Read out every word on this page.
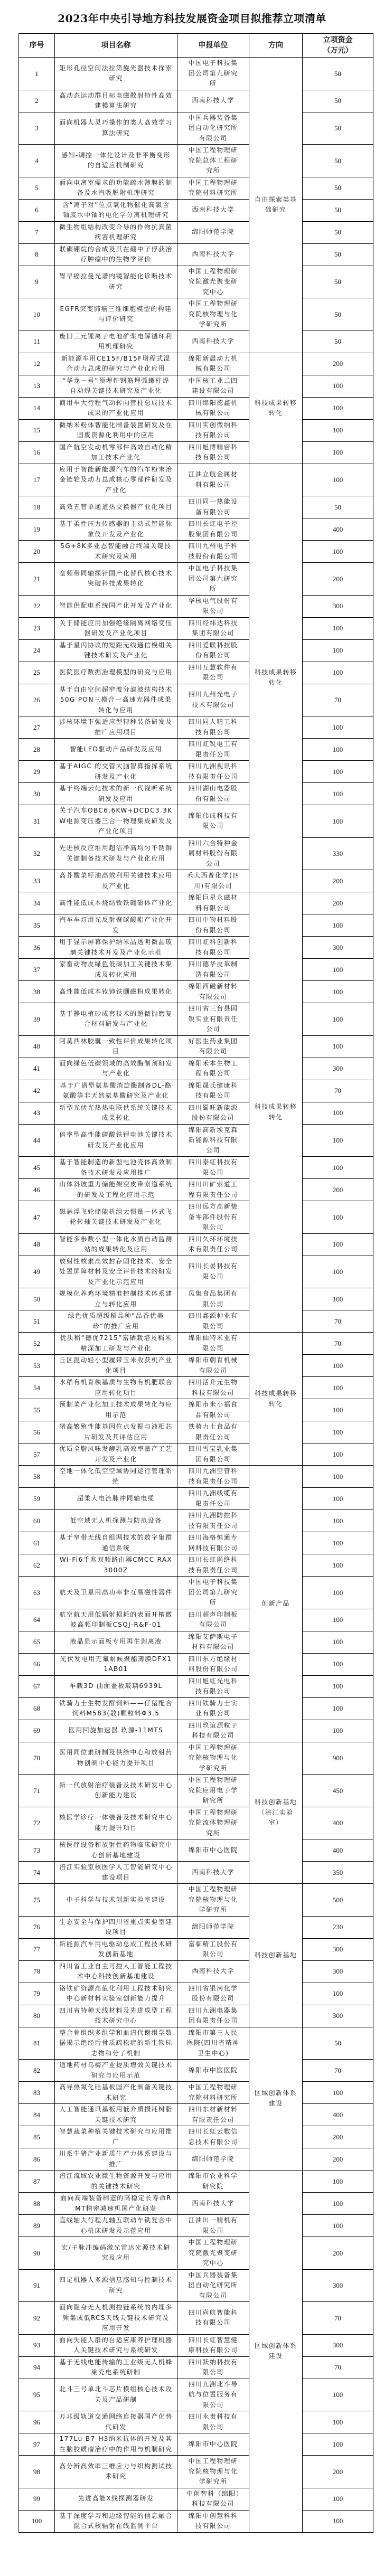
2023年中央引导地方科技发展资金项目拟推荐立项清单
序号	项目名称	申报单位	方向	立项资金
（万元）

1	矩形孔径空间法拉第旋光器技术探索研究	中国电子科技集团公司第九研究所	自由探索类基础研究	50
2	高动态运动群目标电磁散射特性高效建模算法研究	西南科技大学		50
3	面向机器人灵巧操作的类人高效学习算法研究	中国兵器装备集团自动化研究所有限公司		50
4	感知-调控一体化设计及非平衡变形的自适应机制研究	中国工程物理研究院总体工程研究所		50
5	面向电离室需求的功能疏水薄膜的制备及水汽吸脱附机理研究	中国工程物理研究院材料研究所		50
6	含“离子对”位点氧化物催化高氯含铀废水中铀的电化学分离机理研究	西南科技大学		50
7	微生物组结构改变介导的作物抗真菌病害机理研究	绵阳师范学院		50
8	联碳硼烷的合成及其在硼中子俘获治疗肿瘤中的生物学评价	西南科技大学		50
9	胃早癌拉曼光谱内镜智能化诊断技术研究	中国工程物理研究院激光聚变研究中心		50
10	EGFR突变肺癌三维细胞模型的构建与评价研究	中国工程物理研究院核物理与化学研究所		50
11	废旧三元锂离子电池矿浆电解循环利用机理研究	西南科技大学		50
12	新能源车用CE15F/B15F增程式混合动力总成的研究与产业化应用	绵阳新晨动力机械有限公司	科技成果转移转化	200
13	“华龙一号”预埋件钢筋埋弧螺柱焊自动焊关键技术研究及产业化	中国核工业二四建设有限公司		100
14	商用车大行程气动转向管柱总成技术成果的产业化应用	四川绵阳德鑫机械有限公司		100
15	微纳米粉体智能化制备装置研发及在固废资源化利用中的应用	四川实创微纳科技有限公司		100
16	国产航空发动机零部件高效自动化精加工技术产业化	四川旭博精密科技有限公司		100
17	应用于智能新能源汽车的汽车粉末冶金链轮及动力总成核心零部件研发及产业化	江油立航金属材料有限公司	科技成果转移转化	100
18	高效五管单通道热交换器产业化项目	四川同一热能设备有限公司		50
19	基于柔性压力传感器的主动式智能脉象仪开发及产业化	四川长虹电子控股集团有限公司		400
20	5G+8K多业态智能融合终端关键技术研究及应用	四川九州电子科技股份有限公司		100
21	宽频带同轴探针国产化替代核心技术突破科技成果转化	中国电子科技集团公司第九研究所		200
22	智能供配电系统国产化开发及产业化	华核电气股份有限公司		300
23	关于储能应用加强绝缘隔离网络变压器研发及产业化项目	四川经纬达科技集团有限公司		100
24	基于星闪协议的短距无线通信模组关键技术研发及产业化	四川爱联科技股份有限公司		100
25	医院医疗数据治理模型的研究与应用	四川互慧软件有限公司		100
26	基于自由空间超窄波分滤波结构技术50G PON三模合一高速光器件成果转化与应用	四川九州光电子技术有限公司		70
27	涉核环境下强适应型特种装备研发及推广应用项目	四川同人精工科技有限公司		100
28	智能LED驱动产品研发及应用	四川虹锐电工有限责任公司		100
29	基于AIGC 的交管大脑智算指挥系统研发及产业化	四川九洲视讯科技有限责任公司		100
30	基于终端云化技术的新一代视听系统研发及应用	四川湖山电器股份有限公司		100
31	关于汽车OBC6.6KW+DCDC3.3KW电源变压器三合一物理集成研发及产业化项目	绵阳伟成科技有限公司		100
32	先进核反应堆用超洁净高均匀不锈钢关键制备技术研发与产业化应用	四川六合特种金属材料股份有限公司		330
33	高芥酸菜籽油高效利用关键技术应用及产业化	禾大西普化学(四川)有限公司		200
34	高性能低成本烧结钕铁硼磁体产业化	绵阳巨星永磁材料有限公司	科技成果转移转化	200
35	汽车车灯用光反射聚碳酸酯产业化开发	四川中物材料股份有限公司		100
36	用于显示屏幕保护纳米晶透明微晶玻璃关键技术开发及产业化示范	四川虹科创新科技有限公司		300
37	家畜动物皮绿色低碳加工关键技术集成及转化应用	四川德华皮革制造有限公司		100
38	高性能低成本钕铈铁硼磁粉成果转化	绵阳西磁新材料有限公司		100
39	基于静电植砂成套技术的超微抛磨复合材料研发与产业化	四川省三台县固锐实业有限责任公司		100
40	阿莫西林胶囊一致性评价成果转化项目	好医生药业集团有限公司		100
41	面向绿色低碳领域的高效酶制剂研发与产业化	绵阳禾本生物工程有限公司		300
42	基于广谱型氨基酸消旋酶制备DL-酪氨酸等非天然氨基酸研究及产业化	绵阳晟氏健康科技有限公司		70
43	新型光伏光热热电联供系统关键技术成果转化	四川蜀旺新能源股份有限公司		100
44	倍率型高性能磷酸铁锂电池关键技术研发及产业化应用	绵阳高新埃克森新能源科技有限公司		100
45	基于智能制造的新型电池壳体高效制备技术研发及应用推广	四川泰虹科技有限公司		100
46	山体斜坡重力储能架空皮带索道系统的研发及工程化应用示范	四川川矿索道工程有限责任公司		200
47	磁悬浮飞轮储能机组大惯量一体式飞轮转轴关键技术研发及产业化	四川远方高新装备零部件股份有限公司		100
48	智能多参数小型一体化水质自动监测站的成果转化及应用	四川久环环境技术有限责任公司		100
49	放射性核素高效封存固化技术、安全处置屏障材料及安全评价技术的研发及产业化示范应用	四川长晏科技有限公司		100
50	规模化养鸡环境精准控制技术体系建立与转化应用	凤集食品集团有限公司		100
51	绿色优质超级稻品种“品香优美珍”的推广应用	四川鑫源种业有限公司		70
52	优质稻“德优7215”富硒栽培及稻米精深加工研发与产业化	绵阳仙特米业有限公司	科技成果转移转化	70
53	丘区混动轻小型履带玉米收获机产业化项目	绵阳市朝育机械有限公司		100
54	水稻有机育秧基质与生物有机肥联合应用转化项目	四川活升元生物科技有限公司		100
55	预制菜产业化加工技术成果转化与应用示范	绵阳市米小福食品有限公司		100
56	猪高繁殖性能基因位点发掘与液相芯片研发及其评估应用	铁骑力士食品有限责任公司		100
57	优质全脂风味发酵乳高效率量产工艺开发及产业化	四川雪宝乳业集团有限公司		100
58	空地一体化低空空域协同运行管理系统	四川九洲空管科技有限责任公司	创新产品	100
59	超柔大电流脉冲同轴电缆	四川九洲线缆有限责任公司		100
60	低空域无人机探测与防范设备	四川九洲防控科技有限责任公司		100
61	基于窄带无线自组网技术的数字集群通信系统	四川海格恒通专网科技有限公司		100
62	Wi-Fi6千兆双频路由器CMCC RAX3000Z	四川长虹网络科技有限责任公司		100
63	航天及卫星用高功率非互易磁性器件	中国电子科技集团公司第九研究所		100
64	航空航天用低辐射损耗的表面开槽微波高频印制板CSQJ-R&F-01	四川超声印制板有限公司		100
65	液晶显示面板专用再生剥离液	绵阳艾萨斯电子材料有限公司		100
66	光伏发电用无氟耐候聚酯薄膜DFX11AB01	四川东方绝缘材料股份有限公司		100
67	车载3D 曲面盖板玻璃6939L	四川旭虹光电科技有限公司		100
68	铁骑力士生物发酵饲料——仔猪配合饲料M583(散)颗粒料Φ3.5	四川铁骑力士实业有限公司		100
69	医用回旋加速器 玖源-11MTS	四川玖谊源粒子科技有限公司		100
70	医用同位素研制及供给中心和放射药物创制中心能力提升项目	中国工程物理研究院核物理与化学研究所	科技创新基地（涪江实验室）	900
71	新一代放射治疗装备及技术研发中心创新能力建设	中国工程物理研究院应用电子学研究所		450
72	核医学诊疗一体装备及技术研究中心能力提升项目	中国工程物理研究院流体物理研究所		400
73	核医疗设备和放射性药物临床研究中心创新基地建设	绵阳市中心医院		400
74	涪江实验室核医学人工智能研究中心建设项目	西南科技大学		350
75	中子科学与技术创新实验室建设	中国工程物理研究院核物理与化学研究所	科技创新基地	500
76	生态安全与保护四川省重点实验室建设项目	绵阳师范学院		230
77	新能源汽车用电驱动总成工程技术研发创新基地	富临精工股份有限公司		300
78	四川省工业自主可控人工智能工程技术中心科技创新基地建设	西南科技大学		300
79	铬铁矿资源高值化利用工程技术研究中心新材料实验室创新能力提升	四川省银河化学股份有限公司		100
80	四川省特种天线材料及先进成型工程技术研究中心	四川九洲电器集团有限责任公司		300
81	整合骨组织多组学和血清代谢组学数据揭示绝经后骨质疏松症的新生物标志物和分子机制	绵阳市第三人民医院(四川省精神卫生中心)	区域创新体系建设	50
82	道地药材乌梅产业提质增效关键技术研究与应用示范	绵阳市中医医院		70
83	高导热氮化硅基板国产化制备关键技术研究	中国工程物理研究院材料研究所		100
84	人工智能通讯基板用低介质损耗树脂关键技术研究	四川东材新材料有限责任公司		400
85	智慧蔬菜种植关键技术研究与应用推广	四川长虹云数信息技术有限公司		200
86	川系生猪产业新质生产力体系建设与推广	绵阳师范学院		200
87	涪江流域农业微生物资源开发与应用的关键技术研究	绵阳市农业科学研究院	区域创新体系建设	100
88	面向高端装备制造的高稳定长寿命RMT精密减速机国产化研发	西南科技大学		100
89	直线轴大行程九轴五联动车铣复合中心机床研发及示范应用	江油川一精机有限公司		100
90	宏/子脉冲编码激光雷达光源技术研究及应用	中国工程物理研究院激光聚变研究中心		200
91	四足机器人多源信息感知与控制技术研究	中国兵器装备集团自动化研究所有限公司		300
92	面向隐身无人机测控链系统的内埋多频集成低RCS天线关键技术研究及应用开发	四川尚航智能科技有限公司		70
93	面向失能人群的自适应康养护理机器人关键技术研究与系统研发	四川长虹智慧健康科技有限公司		300
94	基于无线电能传输的工业级无人机蜂巢充电系统研制	四川跃纳科技有限公司		70
95	北斗三号单北斗芯片模组核心技术攻关及产品研制	四川九洲北斗导航与位置服务有限公司		100
96	万兆级轨道交通网络连接器国产化替代研发	四川永贵科技有限公司		100
97	177Lu-B7-H3纳米抗体的开发及其在脑胶质瘤治疗中的作用与机制研究	绵阳市中心医院		100
98	高分辨高效率三维应力与织构测试技术研究	中国工程物理研究院核物理与化学研究所		200
99	先进高能X线探测器研发	中创智科（绵阳）科技有限公司		100
100	基于深度学习和边缘智能的信息融合混合式核辐射在线监测平台	绵阳中创慧科科技有限公司		100
